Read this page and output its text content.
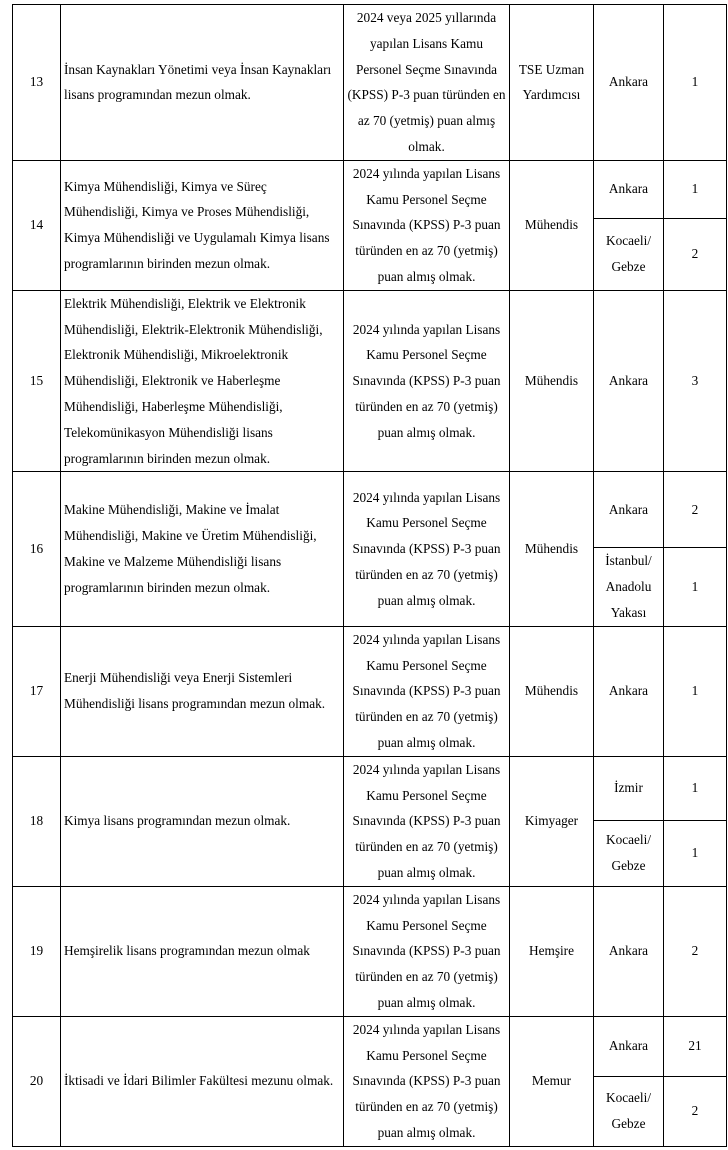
13	İnsan Kaynakları Yönetimi veya İnsan Kaynakları lisans programından mezun olmak.	2024 veya 2025 yıllarında yapılan Lisans Kamu Personel Seçme Sınavında (KPSS) P-3 puan türünden en az 70 (yetmiş) puan almış olmak.	TSE Uzman Yardımcısı	Ankara	1
14	Kimya Mühendisliği, Kimya ve Süreç Mühendisliği, Kimya ve Proses Mühendisliği, Kimya Mühendisliği ve Uygulamalı Kimya lisans programlarının birinden mezun olmak.	2024 yılında yapılan Lisans Kamu Personel Seçme Sınavında (KPSS) P-3 puan türünden en az 70 (yetmiş) puan almış olmak.	Mühendis	Ankara	1
				Kocaeli/ Gebze	2
15	Elektrik Mühendisliği, Elektrik ve Elektronik Mühendisliği, Elektrik-Elektronik Mühendisliği, Elektronik Mühendisliği, Mikroelektronik Mühendisliği, Elektronik ve Haberleşme Mühendisliği, Haberleşme Mühendisliği, Telekomünikasyon Mühendisliği lisans programlarının birinden mezun olmak.	2024 yılında yapılan Lisans Kamu Personel Seçme Sınavında (KPSS) P-3 puan türünden en az 70 (yetmiş) puan almış olmak.	Mühendis	Ankara	3
16	Makine Mühendisliği, Makine ve İmalat Mühendisliği, Makine ve Üretim Mühendisliği, Makine ve Malzeme Mühendisliği lisans programlarının birinden mezun olmak.	2024 yılında yapılan Lisans Kamu Personel Seçme Sınavında (KPSS) P-3 puan türünden en az 70 (yetmiş) puan almış olmak.	Mühendis	Ankara	2
				İstanbul/ Anadolu Yakası	1
17	Enerji Mühendisliği veya Enerji Sistemleri Mühendisliği lisans programından mezun olmak.	2024 yılında yapılan Lisans Kamu Personel Seçme Sınavında (KPSS) P-3 puan türünden en az 70 (yetmiş) puan almış olmak.	Mühendis	Ankara	1
18	Kimya lisans programından mezun olmak.	2024 yılında yapılan Lisans Kamu Personel Seçme Sınavında (KPSS) P-3 puan türünden en az 70 (yetmiş) puan almış olmak.	Kimyager	İzmir	1
				Kocaeli/ Gebze	1
19	Hemşirelik lisans programından mezun olmak	2024 yılında yapılan Lisans Kamu Personel Seçme Sınavında (KPSS) P-3 puan türünden en az 70 (yetmiş) puan almış olmak.	Hemşire	Ankara	2
20	İktisadi ve İdari Bilimler Fakültesi mezunu olmak.	2024 yılında yapılan Lisans Kamu Personel Seçme Sınavında (KPSS) P-3 puan türünden en az 70 (yetmiş) puan almış olmak.	Memur	Ankara	21
				Kocaeli/ Gebze	2
